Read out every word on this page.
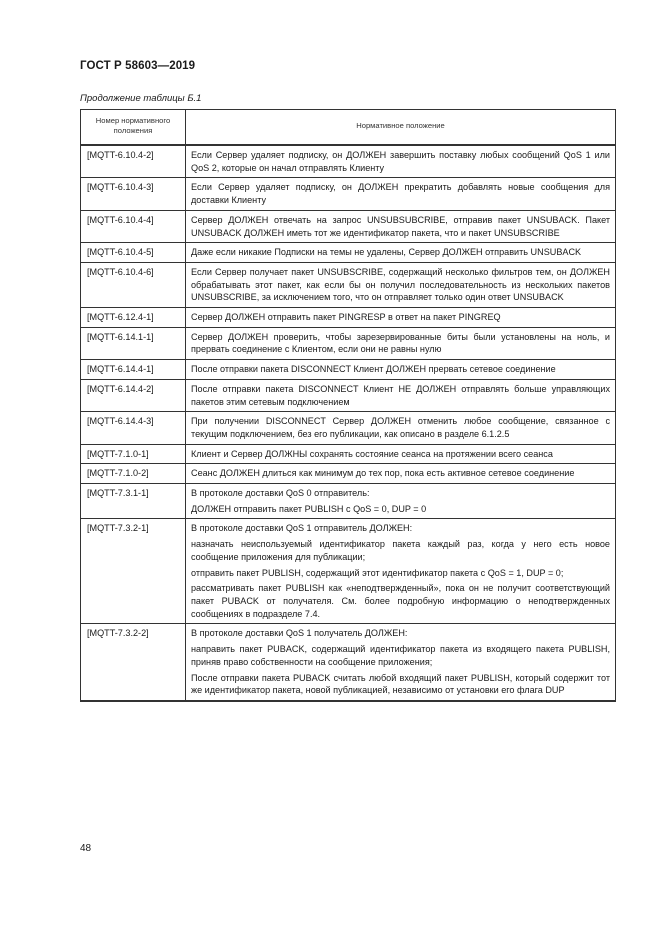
ГОСТ Р 58603—2019
Продолжение таблицы Б.1
Номер нормативного положения	Нормативное положение
[MQTT-6.10.4-2]	Если Сервер удаляет подписку, он ДОЛЖЕН завершить поставку любых сообщений QoS 1 или QoS 2, которые он начал отправлять Клиенту

[MQTT-6.10.4-3]	Если Сервер удаляет подписку, он ДОЛЖЕН прекратить добавлять новые сообщения для доставки Клиенту

[MQTT-6.10.4-4]	Сервер ДОЛЖЕН отвечать на запрос UNSUBSUBCRIBE, отправив пакет UNSUBACK. Пакет UNSUBACK ДОЛЖЕН иметь тот же идентификатор пакета, что и пакет UNSUBSCRIBE

[MQTT-6.10.4-5]	Даже если никакие Подписки на темы не удалены, Сервер ДОЛЖЕН отправить UNSUBACK

[MQTT-6.10.4-6]	Если Сервер получает пакет UNSUBSCRIBE, содержащий несколько фильтров тем, он ДОЛЖЕН обрабатывать этот пакет, как если бы он получил последовательность из нескольких пакетов UNSUBSCRIBE, за исключением того, что он отправляет только один ответ UNSUBACK

[MQTT-6.12.4-1]	Сервер ДОЛЖЕН отправить пакет PINGRESP в ответ на пакет PINGREQ

[MQTT-6.14.1-1]	Сервер ДОЛЖЕН проверить, чтобы зарезервированные биты были установлены на ноль, и прервать соединение с Клиентом, если они не равны нулю

[MQTT-6.14.4-1]	После отправки пакета DISCONNECT Клиент ДОЛЖЕН прервать сетевое соединение

[MQTT-6.14.4-2]	После отправки пакета DISCONNECT Клиент НЕ ДОЛЖЕН отправлять больше управляющих пакетов этим сетевым подключением

[MQTT-6.14.4-3]	При получении DISCONNECT Сервер ДОЛЖЕН отменить любое сообщение, связанное с текущим подключением, без его публикации, как описано в разделе 6.1.2.5

[MQTT-7.1.0-1]	Клиент и Сервер ДОЛЖНЫ сохранять состояние сеанса на протяжении всего сеанса

[MQTT-7.1.0-2]	Сеанс ДОЛЖЕН длиться как минимум до тех пор, пока есть активное сетевое соединение

[MQTT-7.3.1-1]	В протоколе доставки QoS 0 отправитель:

ДОЛЖЕН отправить пакет PUBLISH с QoS = 0, DUP = 0

[MQTT-7.3.2-1]	В протоколе доставки QoS 1 отправитель ДОЛЖЕН:

назначать неиспользуемый идентификатор пакета каждый раз, когда у него есть новое сообщение приложения для публикации;

отправить пакет PUBLISH, содержащий этот идентификатор пакета с QoS = 1, DUP = 0;

рассматривать пакет PUBLISH как «неподтвержденный», пока он не получит соответствующий пакет PUBACK от получателя. См. более подробную информацию о неподтвержденных сообщениях в подразделе 7.4.

[MQTT-7.3.2-2]	В протоколе доставки QoS 1 получатель ДОЛЖЕН:

направить пакет PUBACK, содержащий идентификатор пакета из входящего пакета PUBLISH, приняв право собственности на сообщение приложения;

После отправки пакета PUBACK считать любой входящий пакет PUBLISH, который содержит тот же идентификатор пакета, новой публикацией, независимо от установки его флага DUP

48
